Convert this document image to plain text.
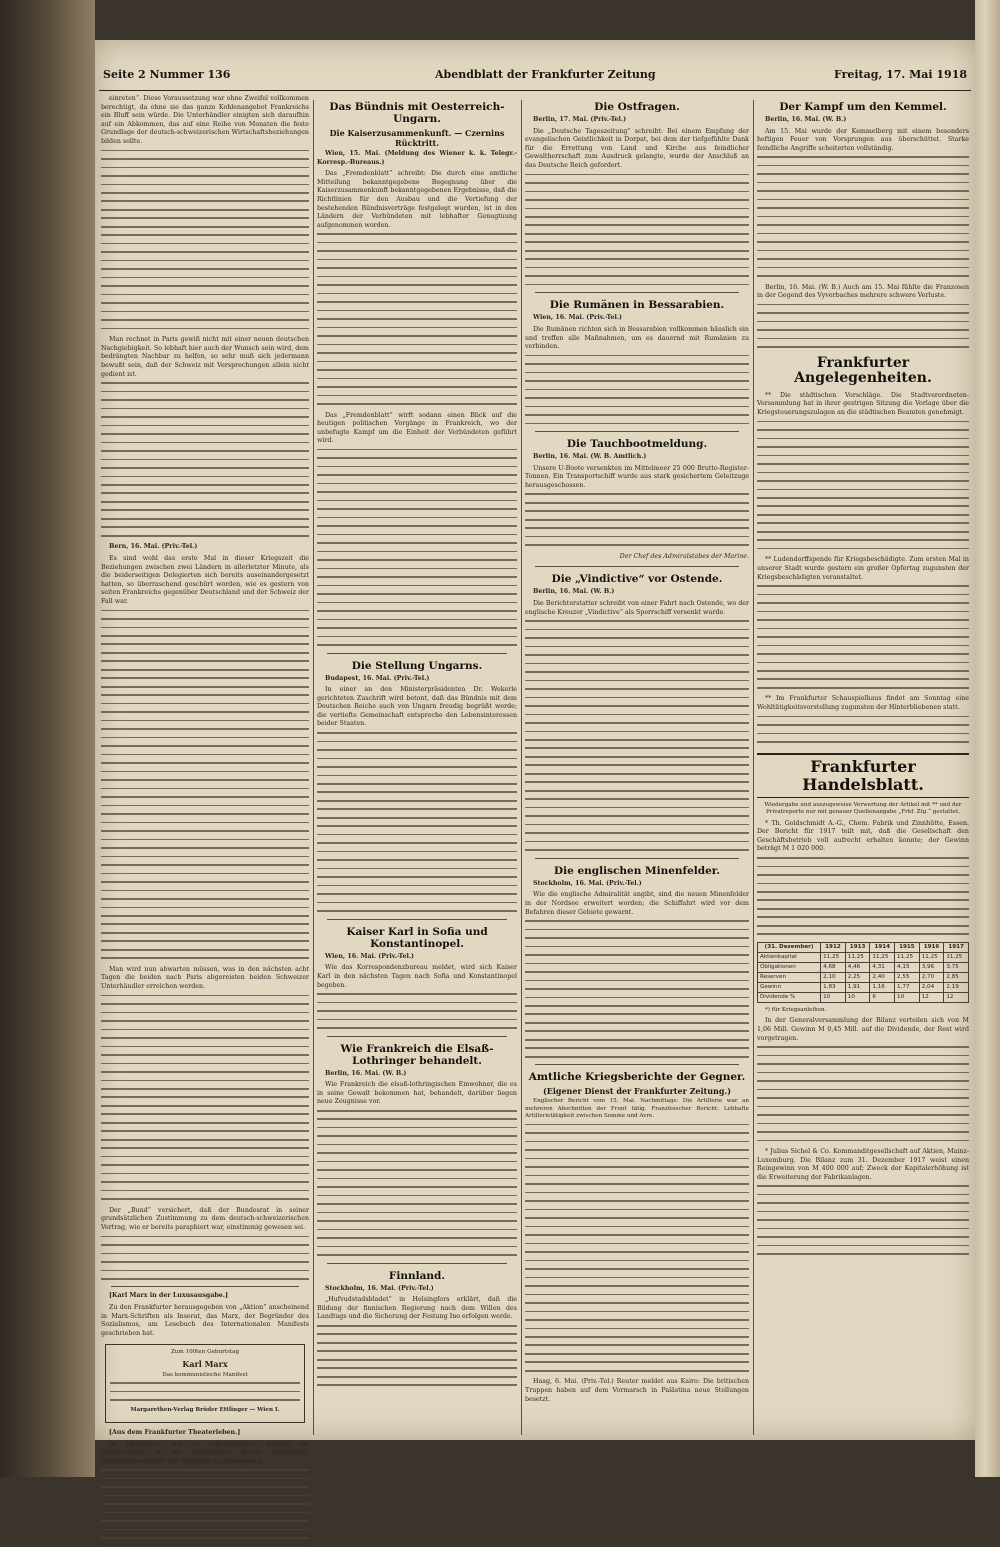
Seite 2 Nummer 136	Abendblatt der Frankfurter Zeitung	Freitag, 17. Mai 1918

einreten“. Diese Voraussetzung war ohne Zweifel vollkommen berechtigt, da ohne sie das ganze Kohlenangebot Frankreichs ein Bluff sein würde. Die Unterhändler einigten sich daraufhin auf ein Abkommen, das auf eine Reihe von Monaten die feste Grundlage der deutsch-schweizerischen Wirtschaftsbeziehungen bilden sollte.

Man rechnet in Paris gewiß nicht mit einer neuen deutschen Nachgiebigkeit. So lebhaft hier auch der Wunsch sein wird, dem bedrängten Nachbar zu helfen, so sehr muß sich jedermann bewußt sein, daß der Schweiz mit Versprechungen allein nicht gedient ist.

Bern, 16. Mai. (Priv.-Tel.)

Es sind wohl das erste Mal in dieser Kriegszeit die Beziehungen zwischen zwei Ländern in allerletzter Minute, als die beiderseitigen Delegierten sich bereits auseinandergesetzt hatten, so überraschend geschürt worden, wie es gestern von seiten Frankreichs gegenüber Deutschland und der Schweiz der Fall war.

Man wird nun abwarten müssen, was in den nächsten acht Tagen die beiden nach Paris abgereisten beiden Schweizer Unterhändler erreichen werden.

Der „Bund“ versichert, daß der Bundesrat in seiner grundsätzlichen Zustimmung zu dem deutsch-schweizerischen Vertrag, wie er bereits paraphiert war, einstimmig gewesen sei.

[Karl Marx in der Luxusausgabe.]

Zu den Frankfurter herausgegeben von „Aktion“ anscheinend in Marx-Schriften als Inserat, das Marx, der Begründer des Sozialismus, am Lesebuch des Internationalen Manifests geschrieben hat.

Zum 100ten Geburtstag

Karl Marx

Das kommunistische Manifest

Margarethen-Verlag Brüder Ettlinger — Wien I.

[Aus dem Frankfurter Theaterleben.]

Im Opernhaus und im Schauspielhaus werden die Aufführungen in der kommenden Woche fortgesetzt; Einzelheiten enthält der Spielplan im Anzeigenteil.

Das Bündnis mit Oesterreich-Ungarn.

Die Kaiserzusammenkunft. — Czernins Rücktritt.

Wien, 15. Mai. (Meldung des Wiener k. k. Telegr.-Korresp.-Bureaus.)

Das „Fremdenblatt“ schreibt: Die durch eine amtliche Mitteilung bekanntgegebene Begegnung über die Kaiserzusammenkunft bekanntgegebenen Ergebnisse, daß die Richtlinien für den Ausbau und die Vertiefung der bestehenden Bündnisverträge festgelegt wurden, ist in den Ländern der Verbündeten mit lebhafter Genugtuung aufgenommen worden.

Das „Fremdenblatt“ wirft sodann einen Blick auf die heutigen politischen Vorgänge in Frankreich, wo der unbefugte Kampf um die Einheit der Verbündeten geführt wird.

Die Stellung Ungarns.

Budapest, 16. Mai. (Priv.-Tel.)

In einer an den Ministerpräsidenten Dr. Wekerle gerichteten Zuschrift wird betont, daß das Bündnis mit dem Deutschen Reiche auch von Ungarn freudig begrüßt werde; die vertiefte Gemeinschaft entspreche den Lebensinteressen beider Staaten.

Kaiser Karl in Sofia und Konstantinopel.

Wien, 16. Mai. (Priv.-Tel.)

Wie das Korrespondenzbureau meldet, wird sich Kaiser Karl in den nächsten Tagen nach Sofia und Konstantinopel begeben.

Wie Frankreich die Elsaß-Lothringer behandelt.

Berlin, 16. Mai. (W. B.)

Wie Frankreich die elsaß-lothringischen Einwohner, die es in seine Gewalt bekommen hat, behandelt, darüber liegen neue Zeugnisse vor.

Finnland.

Stockholm, 16. Mai. (Priv.-Tel.)

„Hufvudstadsbladet“ in Helsingfors erklärt, daß die Bildung der finnischen Regierung nach dem Willen des Landtags und die Sicherung der Festung Ino erfolgen werde.

Die Ostfragen.

Berlin, 17. Mai. (Priv.-Tel.)

Die „Deutsche Tageszeitung“ schreibt: Bei einem Empfang der evangelischen Geistlichkeit in Dorpat, bei dem der tiefgefühlte Dank für die Errettung von Land und Kirche aus feindlicher Gewaltherrschaft zum Ausdruck gelangte, wurde der Anschluß an das Deutsche Reich gefordert.

Die Rumänen in Bessarabien.

Wien, 16. Mai. (Priv.-Tel.)

Die Rumänen richten sich in Bessarabien vollkommen häuslich ein und treffen alle Maßnahmen, um es dauernd mit Rumänien zu verbinden.

Die Tauchbootmeldung.

Berlin, 16. Mai. (W. B. Amtlich.)

Unsere U-Boote versenkten im Mittelmeer 25 000 Brutto-Register-Tonnen. Ein Transportschiff wurde aus stark gesichertem Geleitzuge herausgeschossen.

Der Chef des Admiralstabes der Marine.

Die „Vindictive“ vor Ostende.

Berlin, 16. Mai. (W. B.)

Die Berichterstatter schreibt von einer Fahrt nach Ostende, wo der englische Kreuzer „Vindictive“ als Sperrschiff versenkt wurde.

Die englischen Minenfelder.

Stockholm, 16. Mai. (Priv.-Tel.)

Wie die englische Admiralität angibt, sind die neuen Minenfelder in der Nordsee erweitert worden; die Schiffahrt wird vor dem Befahren dieser Gebiete gewarnt.

Amtliche Kriegsberichte der Gegner.

(Eigener Dienst der Frankfurter Zeitung.)

Englischer Bericht vom 15. Mai. Nachmittags: Die Artillerie war an mehreren Abschnitten der Front tätig. Französischer Bericht: Lebhafte Artillerietätigkeit zwischen Somme und Avre.

Haag, 6. Mai. (Priv.-Tel.) Reuter meldet aus Kairo: Die britischen Truppen haben auf dem Vormarsch in Palästina neue Stellungen besetzt.

Der Kampf um den Kemmel.

Berlin, 16. Mai. (W. B.)

Am 15. Mai wurde der Kemmelberg mit einem besonders heftigen Feuer von Vorsprungen aus überschüttet. Starke feindliche Angriffe scheiterten vollständig.

Berlin, 16. Mai. (W. B.) Auch am 15. Mai fühlte die Franzosen in der Gegend des Vyverbaches mehrere schwere Verluste.

Frankfurter Angelegenheiten.

** Die städtischen Vorschläge. Die Stadtverordneten-Versammlung hat in ihrer gestrigen Sitzung die Vorlage über die Kriegsteuerungszulagen an die städtischen Beamten genehmigt.

** Ludendorffspende für Kriegsbeschädigte. Zum ersten Mal in unserer Stadt wurde gestern ein großer Opfertag zugunsten der Kriegsbeschädigten veranstaltet.

** Im Frankfurter Schauspielhaus findet am Sonntag eine Wohltätigkeitsvorstellung zugunsten der Hinterbliebenen statt.

Frankfurter Handelsblatt.

Wiedergabe und auszugsweise Verwertung der Artikel mit ** und der Privatreporte nur mit genauer Quellenangabe „Frkf. Ztg.“ gestattet.

* Th. Goldschmidt A.-G., Chem. Fabrik und Zinnhütte, Essen. Der Bericht für 1917 teilt mit, daß die Gesellschaft den Geschäftsbetrieb voll aufrecht erhalten konnte; der Gewinn beträgt M 1 020 000.

(31. Dezember)	1912	1913	1914	1915	1916	1917
Aktienkapital	11,25	11,25	11,25	11,25	11,25	11,25
Obligationen	4,68	4,46	4,31	4,15	3,96	3,75
Reserven	2,10	2,25	2,40	2,55	2,70	2,85
Gewinn	1,83	1,91	1,16	1,77	2,04	2,19
Dividende %	10	10	6	10	12	12

*) für Kriegsanleihen.

In der Generalversammlung der Bilanz verteilen sich von M 1,06 Mill. Gewinn M 0,45 Mill. auf die Dividende, der Rest wird vorgetragen.

* Julius Sichel & Co. Kommanditgesellschaft auf Aktien, Mainz-Luxemburg. Die Bilanz zum 31. Dezember 1917 weist einen Reingewinn von M 400 000 auf; Zweck der Kapitalerhöhung ist die Erweiterung der Fabrikanlagen.
